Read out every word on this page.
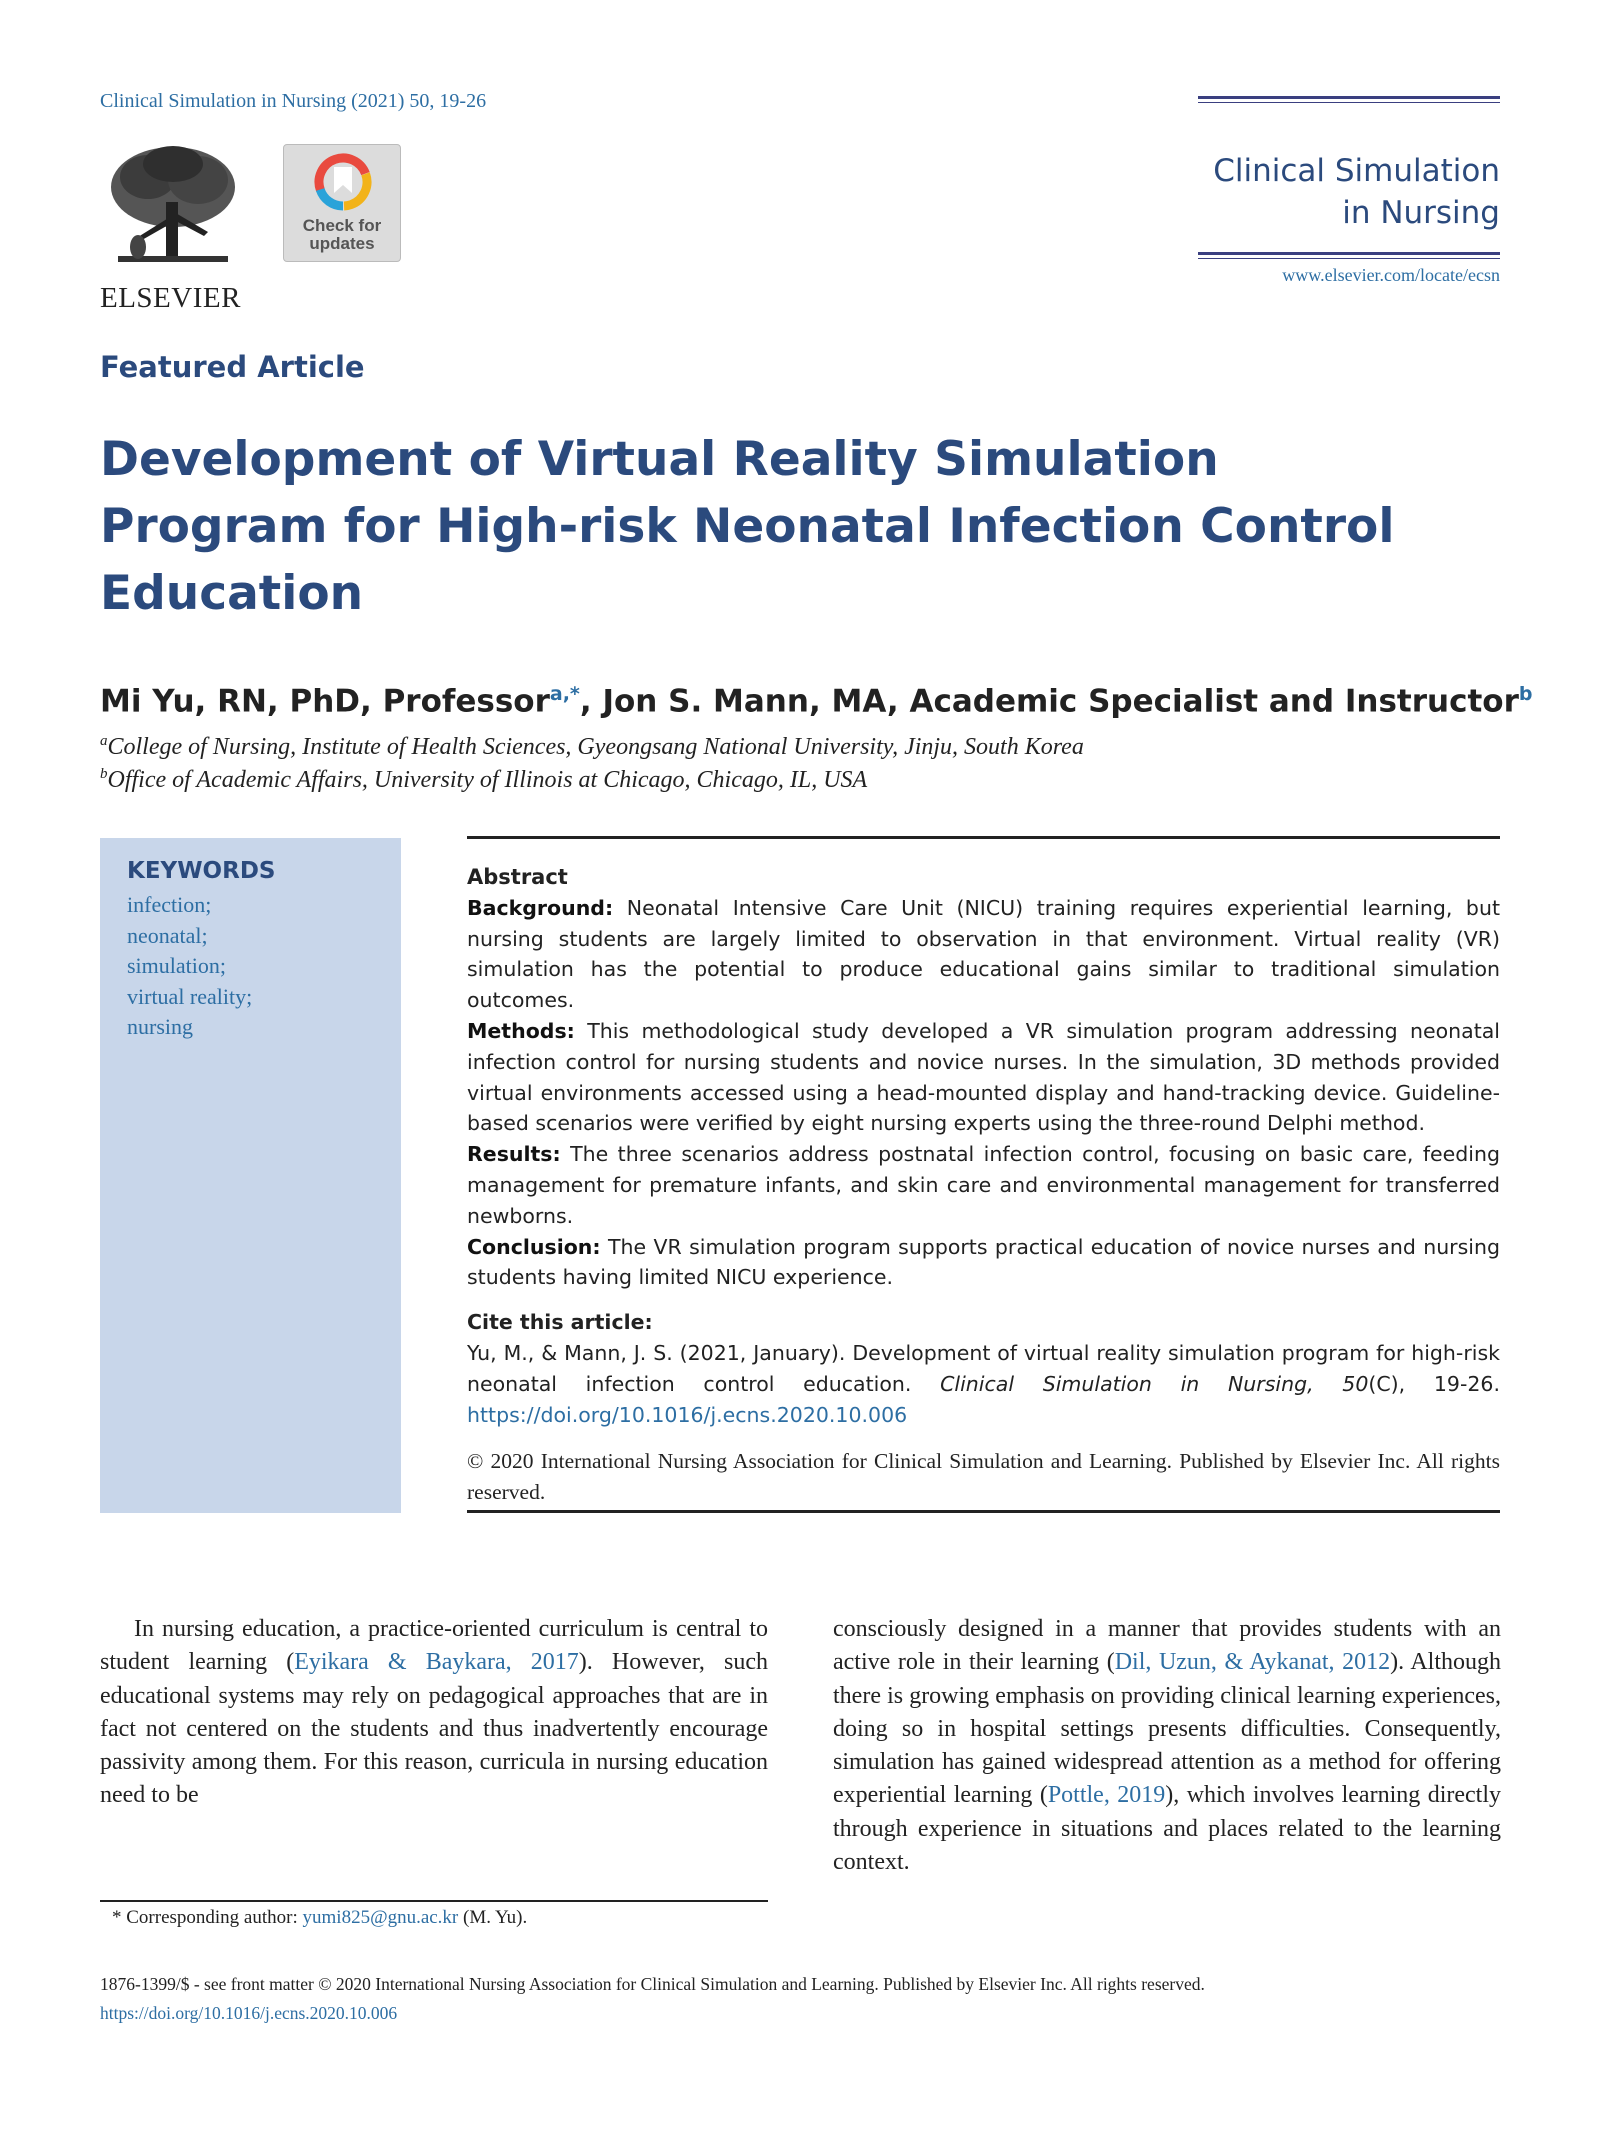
Clinical Simulation in Nursing (2021) 50, 19-26
ELSEVIER
Check for
updates
Clinical Simulation
in Nursing
www.elsevier.com/locate/ecsn
Featured Article
Development of Virtual Reality Simulation Program for High-risk Neonatal Infection Control Education
Mi Yu, RN, PhD, Professor$^{a,*}$, Jon S. Mann, MA, Academic Specialist and Instructor$^b$
$^a$College of Nursing, Institute of Health Sciences, Gyeongsang National University, Jinju, South Korea
$^b$Office of Academic Affairs, University of Illinois at Chicago, Chicago, IL, USA
KEYWORDS
infection;
neonatal;
simulation;
virtual reality;
nursing

Abstract

Background: Neonatal Intensive Care Unit (NICU) training requires experiential learning, but nursing students are largely limited to observation in that environment. Virtual reality (VR) simulation has the potential to produce educational gains similar to traditional simulation outcomes.

Methods: This methodological study developed a VR simulation program addressing neonatal infection control for nursing students and novice nurses. In the simulation, 3D methods provided virtual environments accessed using a head-mounted display and hand-tracking device. Guideline-based scenarios were verified by eight nursing experts using the three-round Delphi method.

Results: The three scenarios address postnatal infection control, focusing on basic care, feeding management for premature infants, and skin care and environmental management for transferred newborns.

Conclusion: The VR simulation program supports practical education of novice nurses and nursing students having limited NICU experience.

Cite this article:

Yu, M., & Mann, J. S. (2021, January). Development of virtual reality simulation program for high-risk neonatal infection control education. Clinical Simulation in Nursing, 50(C), 19-26. https://doi.org/10.1016/j.ecns.2020.10.006

© 2020 International Nursing Association for Clinical Simulation and Learning. Published by Elsevier Inc. All rights reserved.

In nursing education, a practice-oriented curriculum is central to student learning (Eyikara & Baykara, 2017). However, such educational systems may rely on pedagogical approaches that are in fact not centered on the students and thus inadvertently encourage passivity among them. For this reason, curricula in nursing education need to be

consciously designed in a manner that provides students with an active role in their learning (Dil, Uzun, & Aykanat, 2012). Although there is growing emphasis on providing clinical learning experiences, doing so in hospital settings presents difficulties. Consequently, simulation has gained widespread attention as a method for offering experiential learning (Pottle, 2019), which involves learning directly through experience in situations and places related to the learning context.

* Corresponding author: yumi825@gnu.ac.kr (M. Yu).
1876-1399/$ - see front matter © 2020 International Nursing Association for Clinical Simulation and Learning. Published by Elsevier Inc. All rights reserved.
https://doi.org/10.1016/j.ecns.2020.10.006
